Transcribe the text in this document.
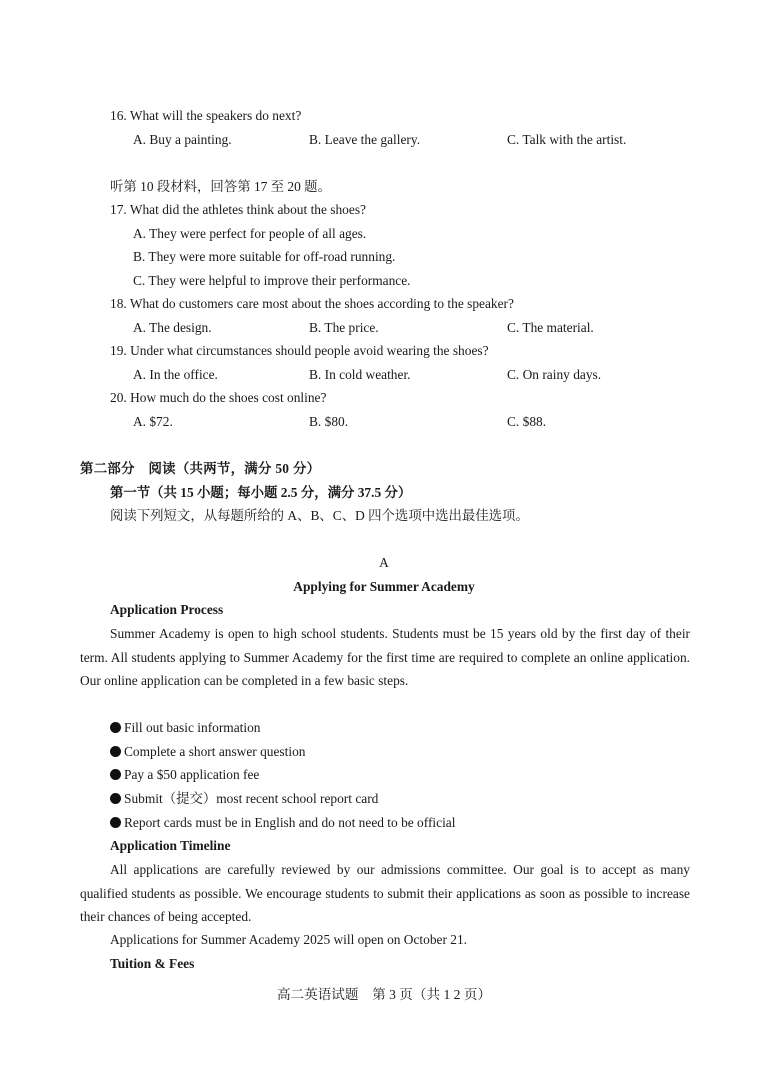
16. What will the speakers do next?
A. Buy a painting.	B. Leave the gallery.	C. Talk with the artist.
听第 10 段材料，回答第 17 至 20 题。
17. What did the athletes think about the shoes?
A. They were perfect for people of all ages.
B. They were more suitable for off-road running.
C. They were helpful to improve their performance.
18. What do customers care most about the shoes according to the speaker?
A. The design.	B. The price.	C. The material.
19. Under what circumstances should people avoid wearing the shoes?
A. In the office.	B. In cold weather.	C. On rainy days.
20. How much do the shoes cost online?
A. $72.	B. $80.	C. $88.
第二部分　阅读（共两节，满分 50 分）
第一节（共 15 小题；每小题 2.5 分，满分 37.5 分）
阅读下列短文，从每题所给的 A、B、C、D 四个选项中选出最佳选项。
A
Applying for Summer Academy
Application Process

Summer Academy is open to high school students. Students must be 15 years old by the first day of their term. All students applying to Summer Academy for the first time are required to complete an online application. Our online application can be completed in a few basic steps.

Fill out basic information
Complete a short answer question
Pay a $50 application fee
Submit（提交）most recent school report card
Report cards must be in English and do not need to be official
Application Timeline

All applications are carefully reviewed by our admissions committee. Our goal is to accept as many qualified students as possible. We encourage students to submit their applications as soon as possible to increase their chances of being accepted.

Applications for Summer Academy 2025 will open on October 21.
Tuition & Fees
高二英语试题　第 3 页（共 1 2 页）
